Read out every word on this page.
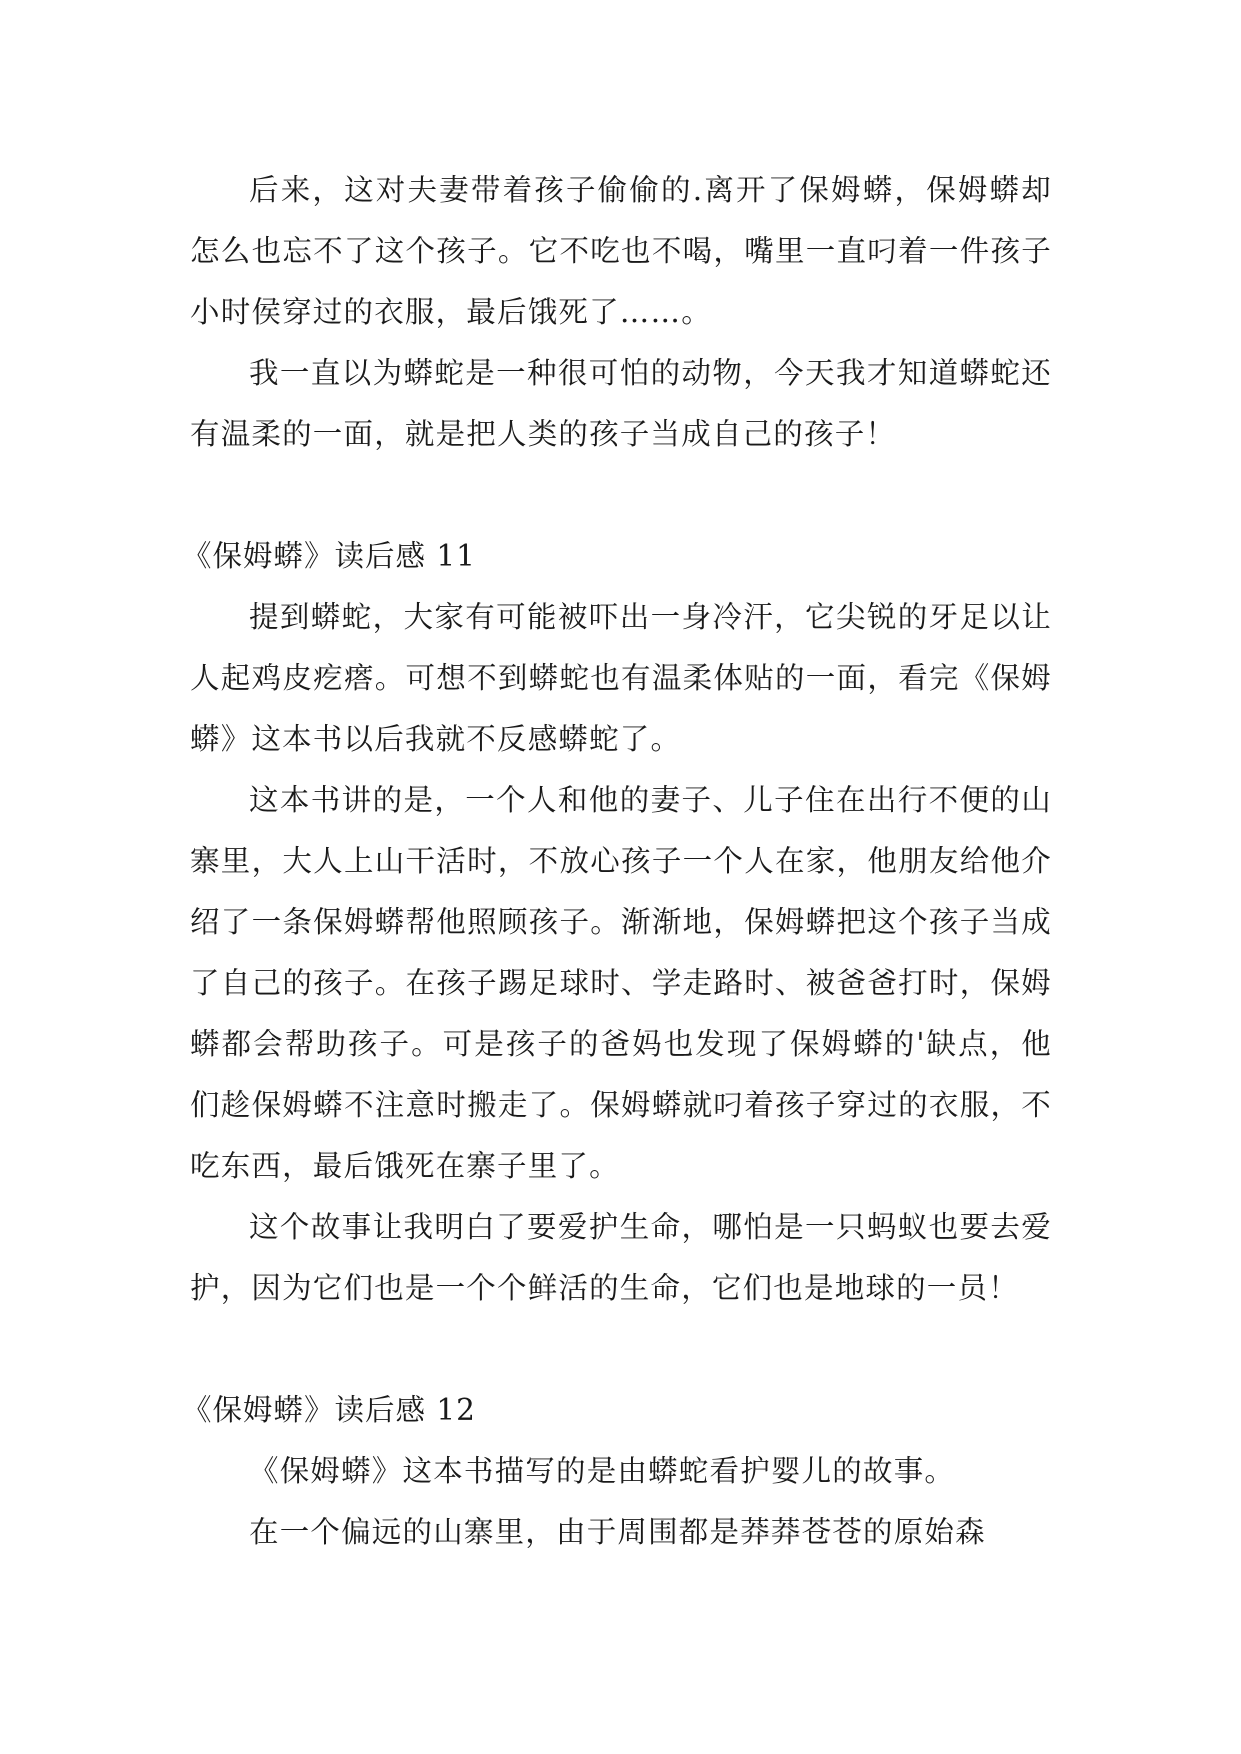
后来，这对夫妻带着孩子偷偷的.离开了保姆蟒，保姆蟒却怎么也忘不了这个孩子。它不吃也不喝，嘴里一直叼着一件孩子小时侯穿过的衣服，最后饿死了……。

我一直以为蟒蛇是一种很可怕的动物，今天我才知道蟒蛇还有温柔的一面，就是把人类的孩子当成自己的孩子！

《保姆蟒》读后感 11

提到蟒蛇，大家有可能被吓出一身冷汗，它尖锐的牙足以让人起鸡皮疙瘩。可想不到蟒蛇也有温柔体贴的一面，看完《保姆蟒》这本书以后我就不反感蟒蛇了。

这本书讲的是，一个人和他的妻子、儿子住在出行不便的山寨里，大人上山干活时，不放心孩子一个人在家，他朋友给他介绍了一条保姆蟒帮他照顾孩子。渐渐地，保姆蟒把这个孩子当成了自己的孩子。在孩子踢足球时、学走路时、被爸爸打时，保姆蟒都会帮助孩子。可是孩子的爸妈也发现了保姆蟒的'缺点，他们趁保姆蟒不注意时搬走了。保姆蟒就叼着孩子穿过的衣服，不吃东西，最后饿死在寨子里了。

这个故事让我明白了要爱护生命，哪怕是一只蚂蚁也要去爱护，因为它们也是一个个鲜活的生命，它们也是地球的一员！

《保姆蟒》读后感 12

《保姆蟒》这本书描写的是由蟒蛇看护婴儿的故事。

在一个偏远的山寨里，由于周围都是莽莽苍苍的原始森
